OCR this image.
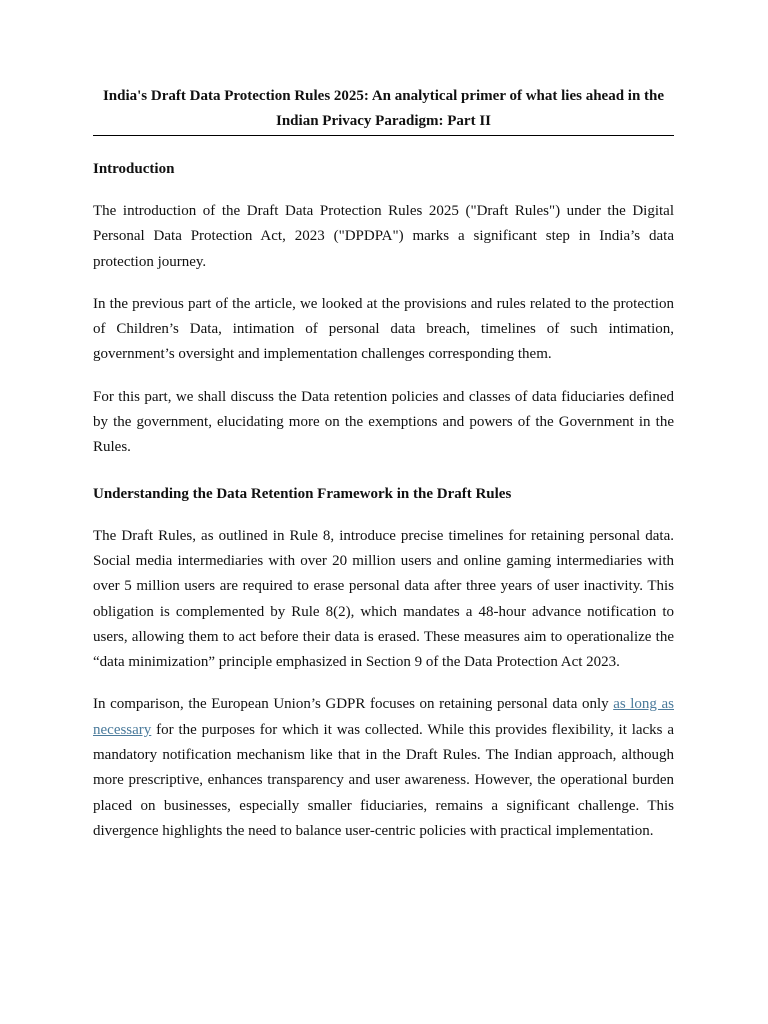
India's Draft Data Protection Rules 2025: An analytical primer of what lies ahead in the Indian Privacy Paradigm: Part II
Introduction

The introduction of the Draft Data Protection Rules 2025 ("Draft Rules") under the Digital Personal Data Protection Act, 2023 ("DPDPA") marks a significant step in India’s data protection journey.

In the previous part of the article, we looked at the provisions and rules related to the protection of Children’s Data, intimation of personal data breach, timelines of such intimation, government’s oversight and implementation challenges corresponding them.

For this part, we shall discuss the Data retention policies and classes of data fiduciaries defined by the government, elucidating more on the exemptions and powers of the Government in the Rules.

Understanding the Data Retention Framework in the Draft Rules

The Draft Rules, as outlined in Rule 8, introduce precise timelines for retaining personal data. Social media intermediaries with over 20 million users and online gaming intermediaries with over 5 million users are required to erase personal data after three years of user inactivity. This obligation is complemented by Rule 8(2), which mandates a 48-hour advance notification to users, allowing them to act before their data is erased. These measures aim to operationalize the “data minimization” principle emphasized in Section 9 of the Data Protection Act 2023.

In comparison, the European Union’s GDPR focuses on retaining personal data only as long as necessary for the purposes for which it was collected. While this provides flexibility, it lacks a mandatory notification mechanism like that in the Draft Rules. The Indian approach, although more prescriptive, enhances transparency and user awareness. However, the operational burden placed on businesses, especially smaller fiduciaries, remains a significant challenge. This divergence highlights the need to balance user-centric policies with practical implementation.
